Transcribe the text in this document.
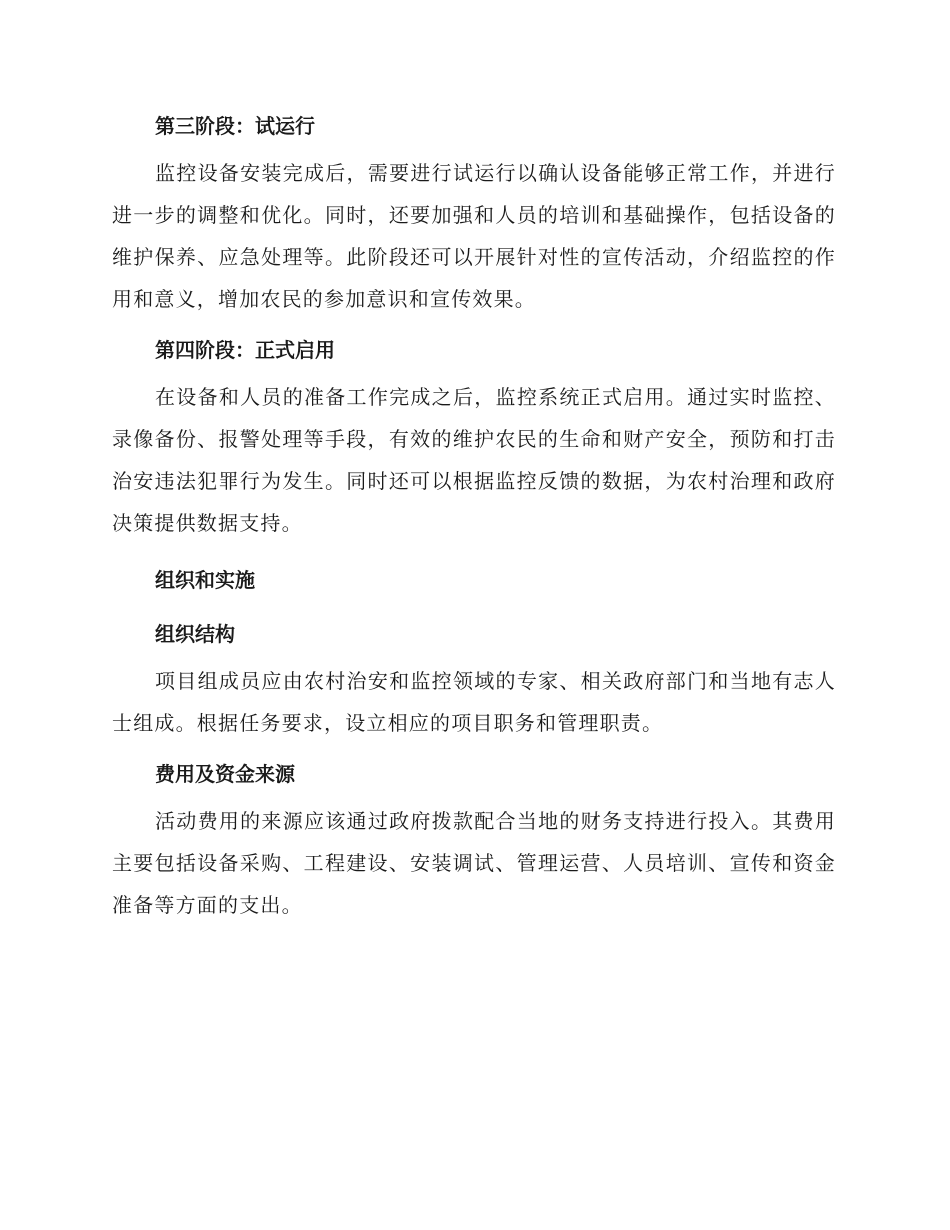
第三阶段：试运行

监控设备安装完成后，需要进行试运行以确认设备能够正常工作，并进行进一步的调整和优化。同时，还要加强和人员的培训和基础操作，包括设备的维护保养、应急处理等。此阶段还可以开展针对性的宣传活动，介绍监控的作用和意义，增加农民的参加意识和宣传效果。

第四阶段：正式启用

在设备和人员的准备工作完成之后，监控系统正式启用。通过实时监控、录像备份、报警处理等手段，有效的维护农民的生命和财产安全，预防和打击治安违法犯罪行为发生。同时还可以根据监控反馈的数据，为农村治理和政府决策提供数据支持。

组织和实施
组织结构

项目组成员应由农村治安和监控领域的专家、相关政府部门和当地有志人士组成。根据任务要求，设立相应的项目职务和管理职责。

费用及资金来源

活动费用的来源应该通过政府拨款配合当地的财务支持进行投入。其费用主要包括设备采购、工程建设、安装调试、管理运营、人员培训、宣传和资金准备等方面的支出。
